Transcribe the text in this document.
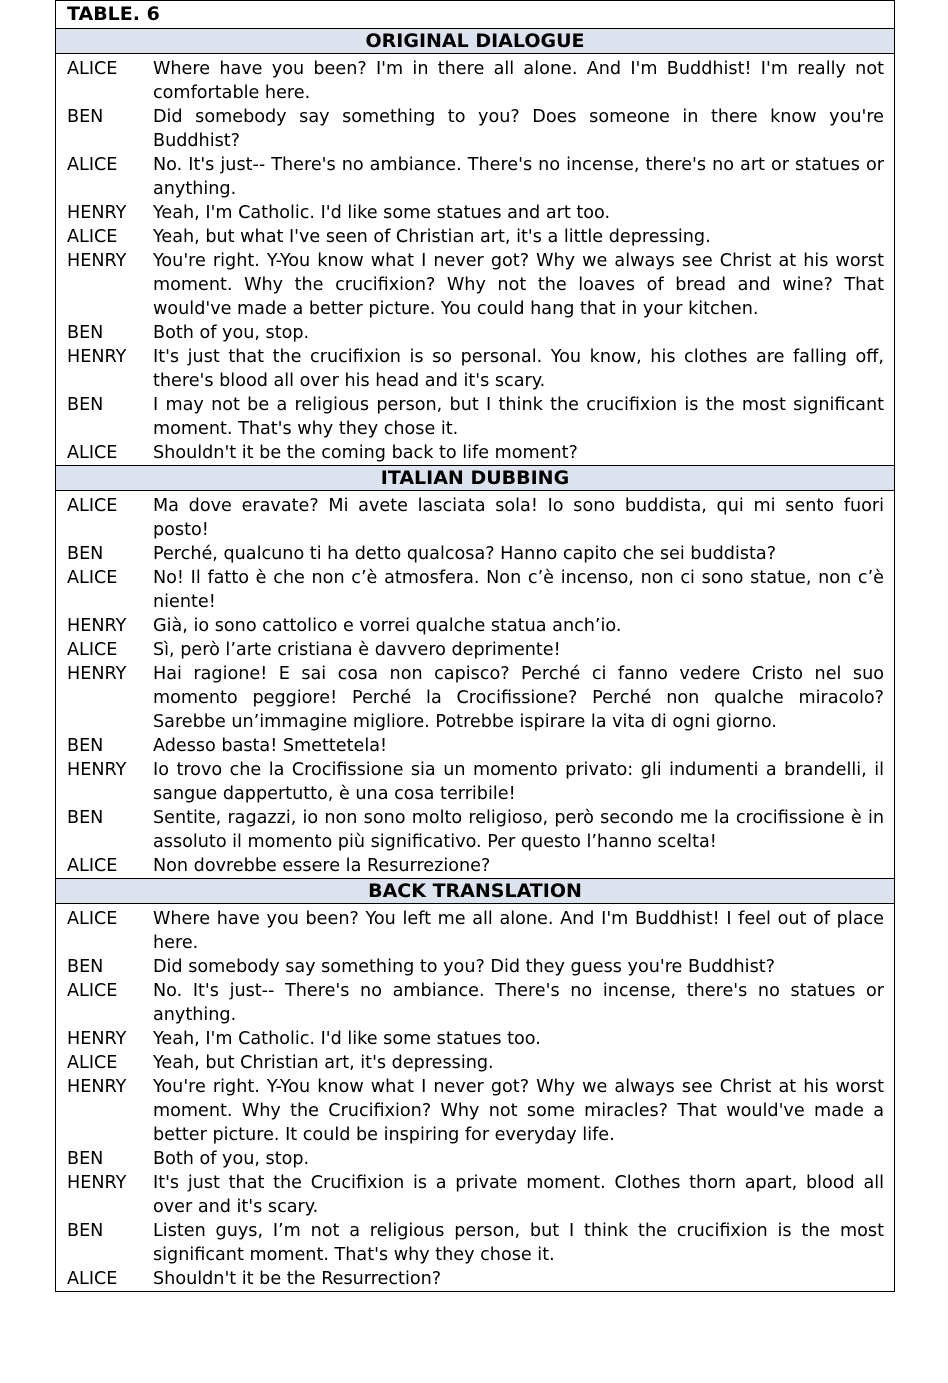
TABLE. 6
ORIGINAL DIALOGUE
ALICE	Where have you been? I'm in there all alone. And I'm Buddhist! I'm really not comfortable here.
BEN	Did somebody say something to you? Does someone in there know you're Buddhist?
ALICE	No. It's just-- There's no ambiance. There's no incense, there's no art or statues or anything.
HENRY	Yeah, I'm Catholic. I'd like some statues and art too.
ALICE	Yeah, but what I've seen of Christian art, it's a little depressing.
HENRY	You're right. Y-You know what I never got? Why we always see Christ at his worst moment. Why the crucifixion? Why not the loaves of bread and wine? That would've made a better picture. You could hang that in your kitchen.
BEN	Both of you, stop.
HENRY	It's just that the crucifixion is so personal. You know, his clothes are falling off, there's blood all over his head and it's scary.
BEN	I may not be a religious person, but I think the crucifixion is the most significant moment. That's why they chose it.
ALICE	Shouldn't it be the coming back to life moment?
ITALIAN DUBBING
ALICE	Ma dove eravate? Mi avete lasciata sola! Io sono buddista, qui mi sento fuori posto!
BEN	Perché, qualcuno ti ha detto qualcosa? Hanno capito che sei buddista?
ALICE	No! Il fatto è che non c’è atmosfera. Non c’è incenso, non ci sono statue, non c’è niente!
HENRY	Già, io sono cattolico e vorrei qualche statua anch’io.
ALICE	Sì, però l’arte cristiana è davvero deprimente!
HENRY	Hai ragione! E sai cosa non capisco? Perché ci fanno vedere Cristo nel suo momento peggiore! Perché la Crocifissione? Perché non qualche miracolo? Sarebbe un’immagine migliore. Potrebbe ispirare la vita di ogni giorno.
BEN	Adesso basta! Smettetela!
HENRY	Io trovo che la Crocifissione sia un momento privato: gli indumenti a brandelli, il sangue dappertutto, è una cosa terribile!
BEN	Sentite, ragazzi, io non sono molto religioso, però secondo me la crocifissione è in assoluto il momento più significativo. Per questo l’hanno scelta!
ALICE	Non dovrebbe essere la Resurrezione?
BACK TRANSLATION
ALICE	Where have you been? You left me all alone. And I'm Buddhist! I feel out of place here.
BEN	Did somebody say something to you? Did they guess you're Buddhist?
ALICE	No. It's just-- There's no ambiance. There's no incense, there's no statues or anything.
HENRY	Yeah, I'm Catholic. I'd like some statues too.
ALICE	Yeah, but Christian art, it's depressing.
HENRY	You're right. Y-You know what I never got? Why we always see Christ at his worst moment. Why the Crucifixion? Why not some miracles? That would've made a better picture. It could be inspiring for everyday life.
BEN	Both of you, stop.
HENRY	It's just that the Crucifixion is a private moment. Clothes thorn apart, blood all over and it's scary.
BEN	Listen guys, I’m not a religious person, but I think the crucifixion is the most significant moment. That's why they chose it.
ALICE	Shouldn't it be the Resurrection?
